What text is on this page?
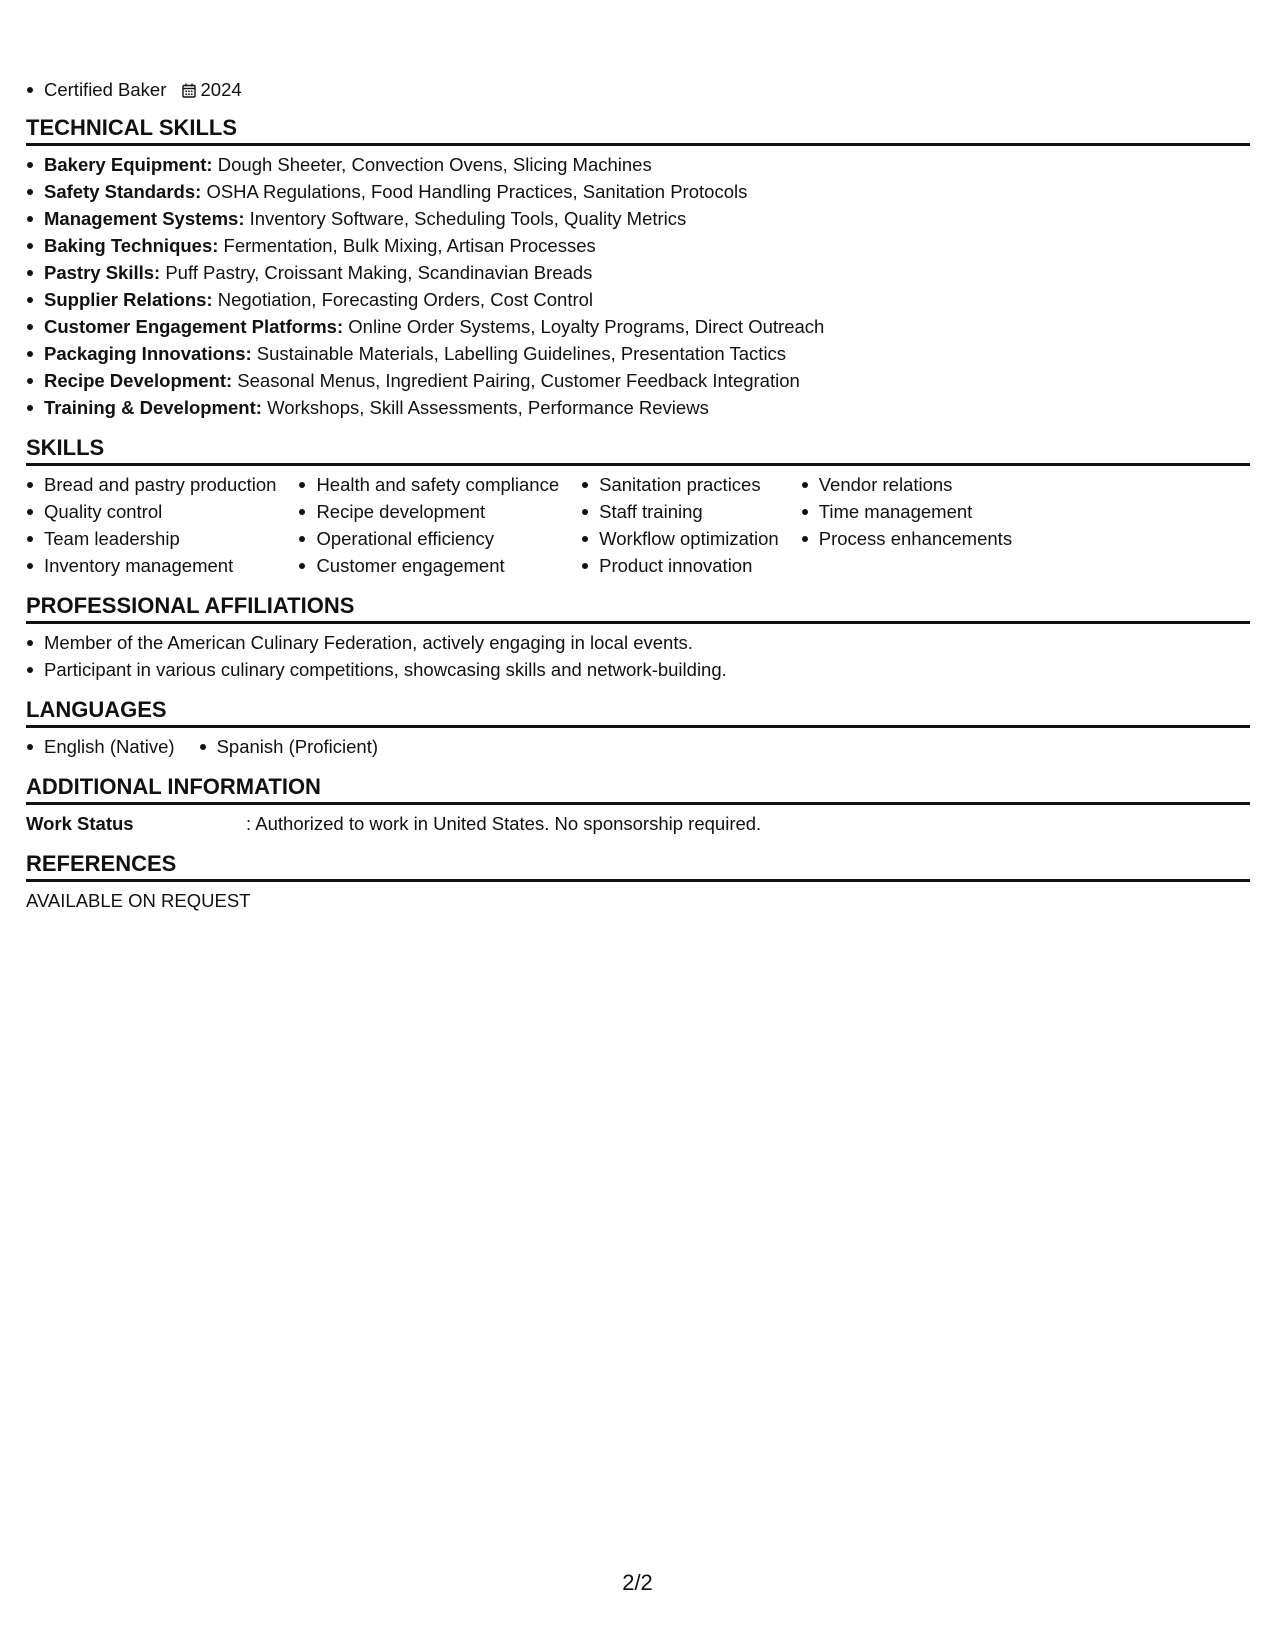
Certified Baker 2024
TECHNICAL SKILLS
Bakery Equipment: Dough Sheeter, Convection Ovens, Slicing Machines
Safety Standards: OSHA Regulations, Food Handling Practices, Sanitation Protocols
Management Systems: Inventory Software, Scheduling Tools, Quality Metrics
Baking Techniques: Fermentation, Bulk Mixing, Artisan Processes
Pastry Skills: Puff Pastry, Croissant Making, Scandinavian Breads
Supplier Relations: Negotiation, Forecasting Orders, Cost Control
Customer Engagement Platforms: Online Order Systems, Loyalty Programs, Direct Outreach
Packaging Innovations: Sustainable Materials, Labelling Guidelines, Presentation Tactics
Recipe Development: Seasonal Menus, Ingredient Pairing, Customer Feedback Integration
Training & Development: Workshops, Skill Assessments, Performance Reviews
SKILLS
Bread and pastry production
Quality control
Team leadership
Inventory management
Health and safety compliance
Recipe development
Operational efficiency
Customer engagement
Sanitation practices
Staff training
Workflow optimization
Product innovation
Vendor relations
Time management
Process enhancements
PROFESSIONAL AFFILIATIONS
Member of the American Culinary Federation, actively engaging in local events.
Participant in various culinary competitions, showcasing skills and network-building.
LANGUAGES
English (Native)	Spanish (Proficient)
ADDITIONAL INFORMATION
Work Status	: Authorized to work in United States. No sponsorship required.
REFERENCES
AVAILABLE ON REQUEST
2/2
